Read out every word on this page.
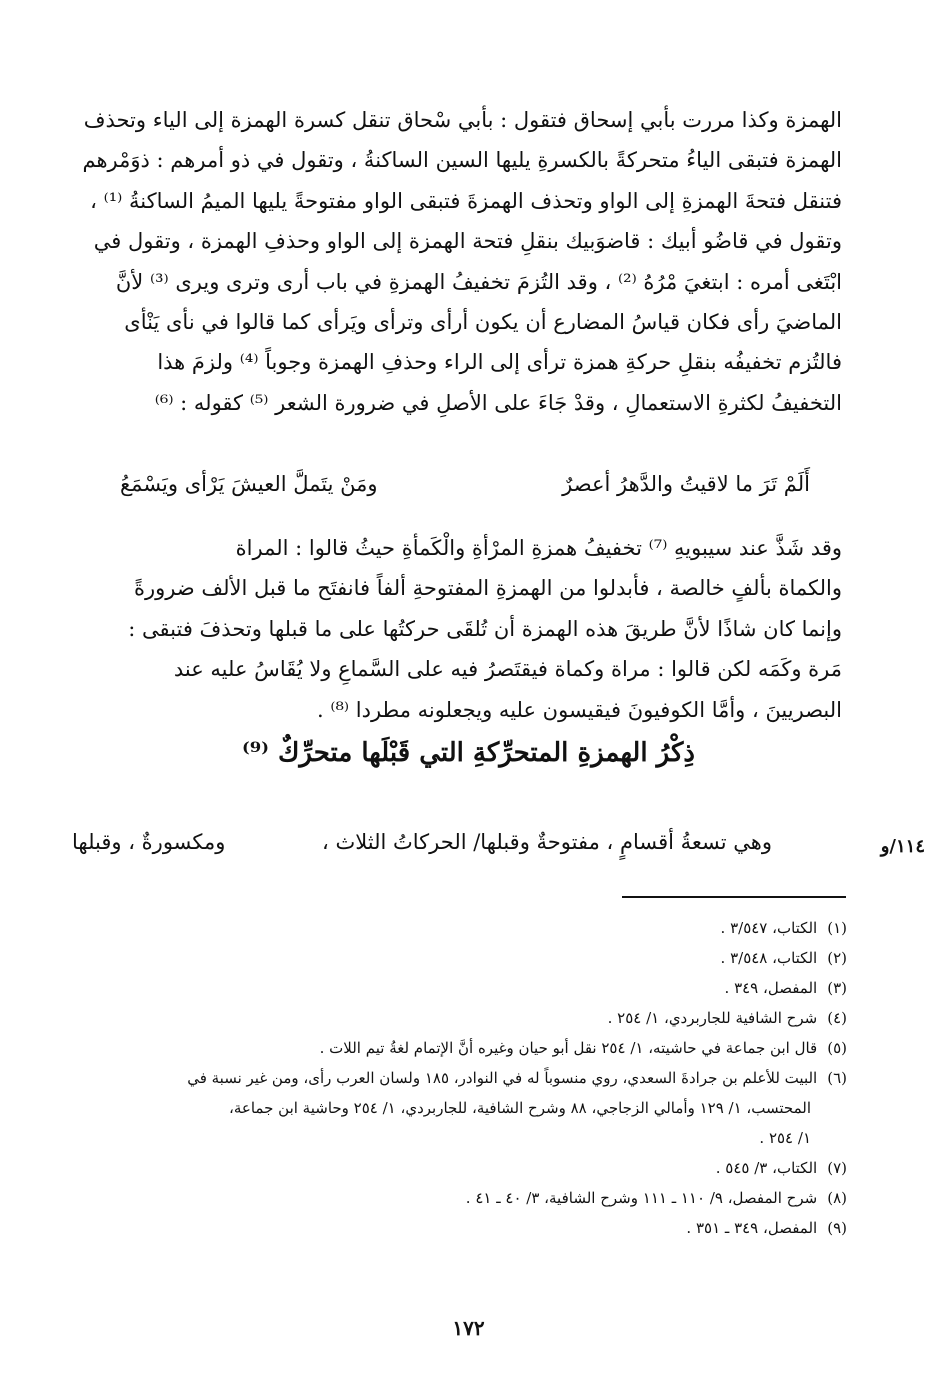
الهمزة وكذا مررت بأبي إسحاق فتقول : بأبي سْحاق تنقل كسرة الهمزة إلى الياء وتحذف
الهمزة فتبقى الياءُ متحركةً بالكسرةِ يليها السين الساكنةُ ، وتقول في ذو أمرهم : ذوَمْرهم
فتنقل فتحةَ الهمزةِ إلى الواو وتحذف الهمزةَ فتبقى الواو مفتوحةً يليها الميمُ الساكنةُ ⁽¹⁾ ،
وتقول في قاضُو أبيك : قاضوَبيك بنقلِ فتحة الهمزة إلى الواو وحذفِ الهمزة ، وتقول في
ابْتَغى أمره : ابتغيَ مْرُهُ ⁽²⁾ ، وقد التُزمَ تخفيفُ الهمزةِ في باب أرى وترى ويرى ⁽³⁾ لأنَّ
الماضيَ رأى فكان قياسُ المضارع أن يكون أرأى وترأى ويَرأى كما قالوا في نأى يَنْأى
فالتُزم تخفيفُه بنقلِ حركةِ همزة ترأى إلى الراء وحذفِ الهمزة وجوباً ⁽⁴⁾ ولزمَ هذا
التخفيفُ لكثرةِ الاستعمالِ ، وقدْ جَاءَ على الأصلِ في ضرورة الشعر ⁽⁵⁾ كقوله : ⁽⁶⁾
أَلَمْ تَرَ ما لاقيتُ والدَّهرُ أعصرٌ
ومَنْ يتَملَّ العيشَ يَرْأى ويَسْمَعُ
وقد شَذَّ عند سيبويهِ ⁽⁷⁾ تخفيفُ همزةِ المرْأةِ والْكَمأةِ حيثُ قالوا : المراة
والكماة بألفٍ خالصة ، فأبدلوا من الهمزةِ المفتوحةِ ألفاً فانفتَح ما قبل الألف ضرورةً
وإنما كان شاذًا لأنَّ طريقَ هذه الهمزة أن تُلقَى حركتُها على ما قبلها وتحذفَ فتبقى :
مَرة وكَمَه لكن قالوا : مراة وكماة فيقتَصرُ فيه على السَّماعِ ولا يُقَاسُ عليه عند
البصريينَ ، وأمَّا الكوفيونَ فيقيسون عليه ويجعلونه مطردا ⁽⁸⁾ .
ذِكْرُ الهمزةِ المتحرِّكةِ التي قَبْلَها متحرِّكٌ ⁽⁹⁾
وهي تسعةُ أقسامٍ ، مفتوحةٌ وقبلها/ الحركاتُ الثلاث ،
ومكسورةٌ ، وقبلها	١١٤/و
(١)الكتاب، ٣/٥٤٧ .
(٢)الكتاب، ٣/٥٤٨ .
(٣)المفصل، ٣٤٩ .
(٤)شرح الشافية للجاربردي، ١/ ٢٥٤ .
(٥)قال ابن جماعة في حاشيته، ١/ ٢٥٤ نقل أبو حيان وغيره أنَّ الإتمام لغةُ تيم اللات .
(٦)البيت للأعلم بن جرادةَ السعدي، روي منسوباً له في النوادر، ١٨٥ ولسان العرب رأى، ومن غير نسبة في
المحتسب، ١/ ١٢٩ وأمالي الزجاجي، ٨٨ وشرح الشافية، للجاربردي، ١/ ٢٥٤ وحاشية ابن جماعة،
١/ ٢٥٤ .
(٧)الكتاب، ٣/ ٥٤٥ .
(٨)شرح المفصل، ٩/ ١١٠ ـ ١١١ وشرح الشافية، ٣/ ٤٠ ـ ٤١ .
(٩)المفصل، ٣٤٩ ـ ٣٥١ .
١٧٢
